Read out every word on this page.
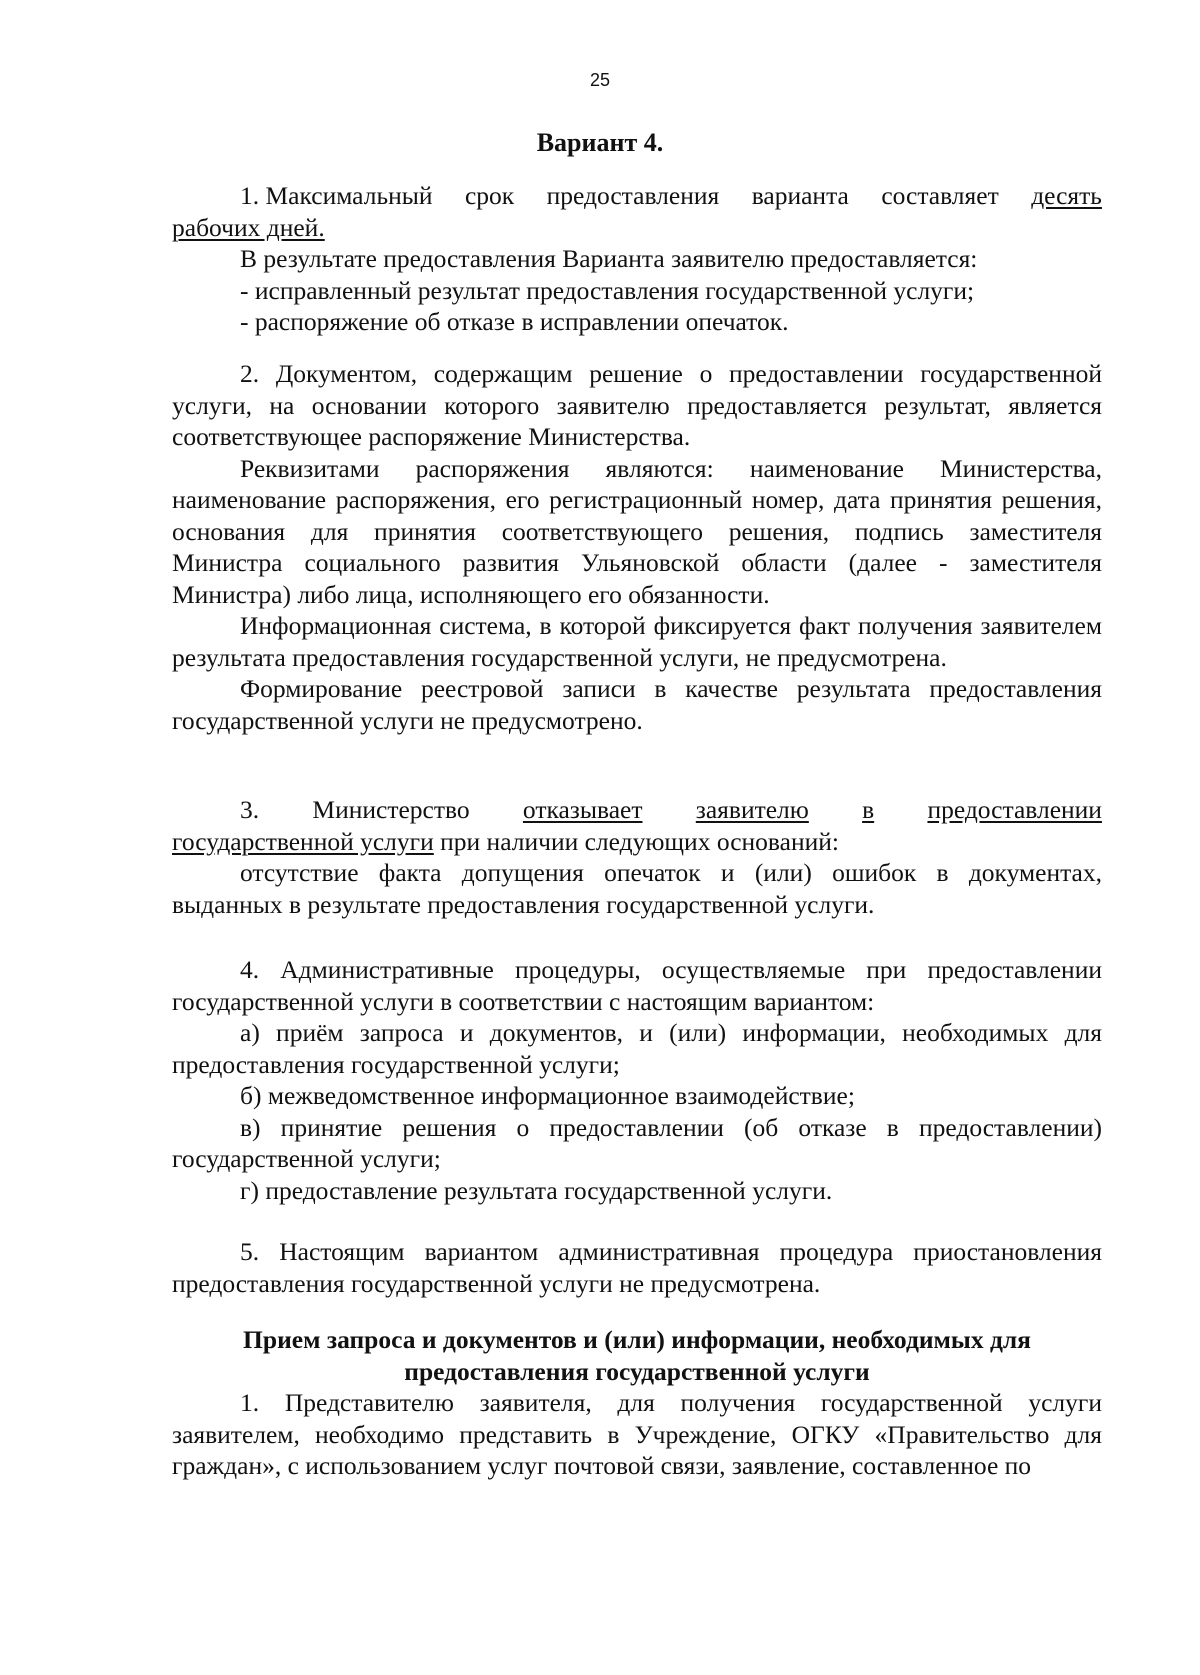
25
Вариант 4.
1. Максимальный срок предоставления варианта составляет десять

рабочих дней.

В результате предоставления Варианта заявителю предоставляется:

- исправленный результат предоставления государственной услуги;

- распоряжение об отказе в исправлении опечаток.

2. Документом, содержащим решение о предоставлении государственной услуги, на основании которого заявителю предоставляется результат, является соответствующее распоряжение Министерства.

Реквизитами распоряжения являются: наименование Министерства, наименование распоряжения, его регистрационный номер, дата принятия решения, основания для принятия соответствующего решения, подпись заместителя Министра социального развития Ульяновской области (далее - заместителя Министра) либо лица, исполняющего его обязанности.

Информационная система, в которой фиксируется факт получения заявителем результата предоставления государственной услуги, не предусмотрена.

Формирование реестровой записи в качестве результата предоставления государственной услуги не предусмотрено.

3. Министерство отказывает заявителю в предоставлении

государственной услуги при наличии следующих оснований:

отсутствие факта допущения опечаток и (или) ошибок в документах, выданных в результате предоставления государственной услуги.

4. Административные процедуры, осуществляемые при предоставлении государственной услуги в соответствии с настоящим вариантом:

а) приём запроса и документов, и (или) информации, необходимых для предоставления государственной услуги;

б) межведомственное информационное взаимодействие;

в) принятие решения о предоставлении (об отказе в предоставлении) государственной услуги;

г) предоставление результата государственной услуги.

5. Настоящим вариантом административная процедура приостановления предоставления государственной услуги не предусмотрена.

Прием запроса и документов и (или) информации, необходимых для

предоставления государственной услуги

1. Представителю заявителя, для получения государственной услуги заявителем, необходимо представить в Учреждение, ОГКУ «Правительство для граждан», с использованием услуг почтовой связи, заявление, составленное по
